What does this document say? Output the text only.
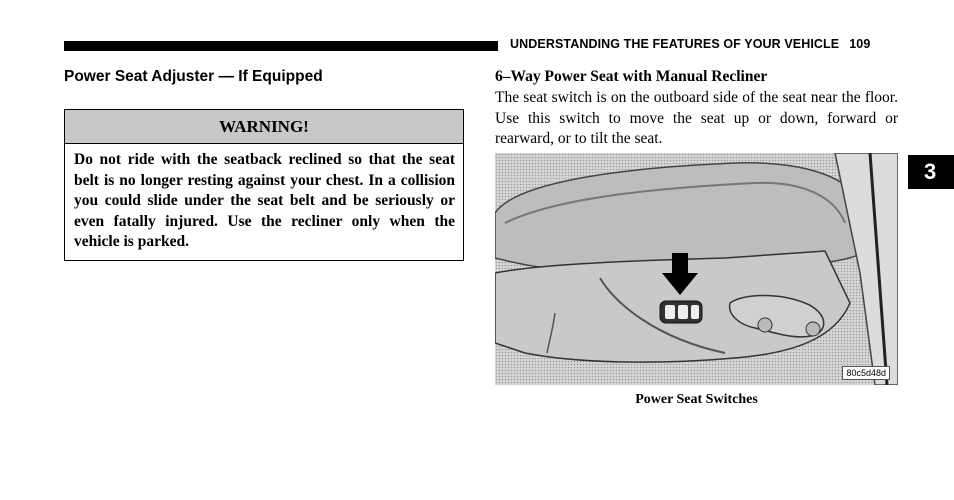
UNDERSTANDING THE FEATURES OF YOUR VEHICLE 109
Power Seat Adjuster — If Equipped
WARNING!
Do not ride with the seatback reclined so that the seat belt is no longer resting against your chest. In a collision you could slide under the seat belt and be seriously or even fatally injured. Use the recliner only when the vehicle is parked.
6–Way Power Seat with Manual Recliner
The seat switch is on the outboard side of the seat near the floor. Use this switch to move the seat up or down, forward or rearward, or to tilt the seat.
80c5d48d
Power Seat Switches
3
